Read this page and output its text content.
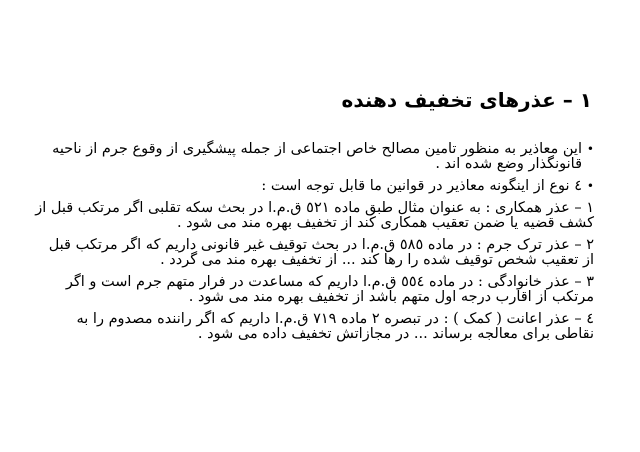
١ – عذرهای تخفیف دهنده
•
این معاذیر به منظور تامین مصالح خاص اجتماعی از جمله پیشگیری از وقوع جرم از ناحیه قانونگذار وضع شده اند .
•
٤ نوع از اینگونه معاذیر در قوانین ما قابل توجه است :
١ – عذر همکاری : به عنوان مثال طبق ماده ٥٢١ ق.م.ا در بحث سکه تقلبی اگر مرتکب قبل از کشف قضیه یا ضمن تعقیب همکاری کند از تخفیف بهره مند می شود .
٢ – عذر ترک جرم : در ماده ٥٨٥ ق.م.ا در بحث توقیف غیر قانونی داریم که اگر مرتکب قبل از تعقیب شخص توقیف شده را رها کند ... از تخفیف بهره مند می گردد .
٣ – عذر خانوادگی : در ماده ٥٥٤ ق.م.ا داریم که مساعدت در فرار متهم جرم است و اگر مرتکب از اقارب درجه اول متهم باشد از تخفیف بهره مند می شود .
٤ – عذر اعانت ( کمک ) : در تبصره ٢ ماده ٧١٩ ق.م.ا داریم که اگر راننده مصدوم را به نقاطی برای معالجه برساند ... در مجازاتش تخفیف داده می شود .
